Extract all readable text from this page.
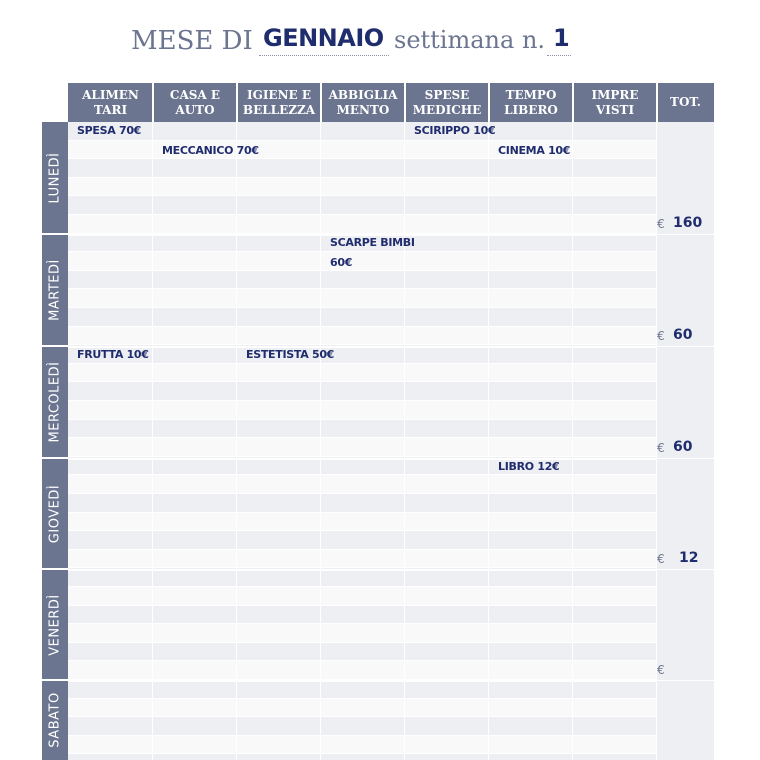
MESE DI GENNAIO settimana n. 1
ALIMEN
TARI
CASA E
AUTO
IGIENE E
BELLEZZA
ABBIGLIA
MENTO
SPESE
MEDICHE
TEMPO
LIBERO
IMPRE
VISTI
TOT.
LUNEDÌ
MARTEDÌ
MERCOLEDÌ
GIOVEDÌ
VENERDÌ
SABATO
€ 160
€ 60
€ 60
€ 12
€
SPESA 70€
MECCANICO 70€
SCIRIPPO 10€
CINEMA 10€
SCARPE BIMBI
60€
FRUTTA 10€	ESTETISTA 50€
LIBRO 12€
